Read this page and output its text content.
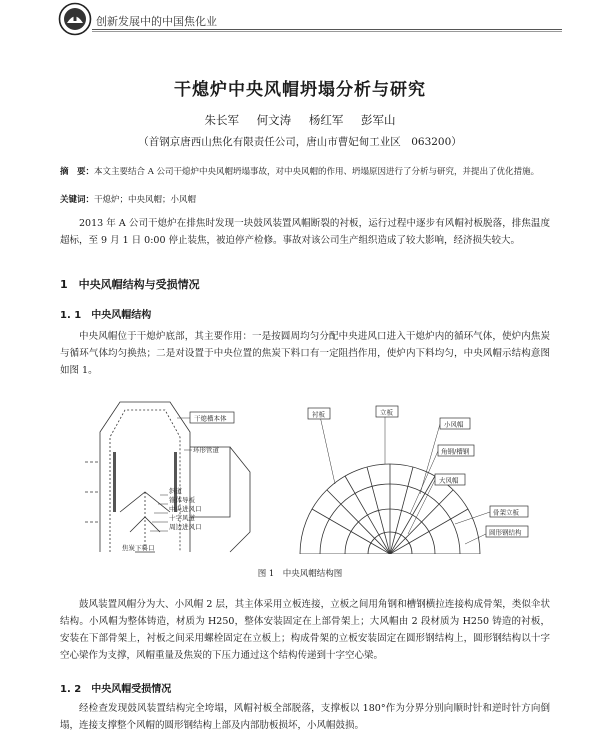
创新发展中的中国焦化业
干熄炉中央风帽坍塌分析与研究
朱长军 何文涛 杨红军 彭军山
（首钢京唐西山焦化有限责任公司，唐山市曹妃甸工业区　063200）
摘　要：本文主要结合 A 公司干熄炉中央风帽坍塌事故，对中央风帽的作用、坍塌原因进行了分析与研究，并提出了优化措施。
关键词：干熄炉；中央风帽；小风帽
2013 年 A 公司干熄炉在排焦时发现一块鼓风装置风帽断裂的衬板，运行过程中逐步有风帽衬板脱落，排焦温度超标，至 9 月 1 日 0:00 停止装焦，被迫停产检修。事故对该公司生产组织造成了较大影响，经济损失较大。
1　中央风帽结构与受损情况
1. 1　中央风帽结构
中央风帽位于干熄炉底部，其主要作用：一是按圆周均匀分配中央进风口进入干熄炉内的循环气体，使炉内焦炭与循环气体均匀换热；二是对设置于中央位置的焦炭下料口有一定阻挡作用，使炉内下料均匀，中央风帽示结构意图如图 1。
干熄槽本体
环形管道
斜道
锥体导板
中央进风口
十字风道
周边进风口
焦炭下料口
衬板	立板
小风帽
角钢/槽钢
大风帽
骨架立板
圆形钢结构
图 1　中央风帽结构图
鼓风装置风帽分为大、小风帽 2 层，其主体采用立板连接，立板之间用角钢和槽钢横拉连接构成骨架，类似伞状结构。小风帽为整体铸造，材质为 H250，整体安装固定在上部骨架上；大风帽由 2 段材质为 H250 铸造的衬板，安装在下部骨架上，衬板之间采用螺栓固定在立板上；构成骨架的立板安装固定在圆形钢结构上，圆形钢结构以十字空心梁作为支撑，风帽重量及焦炭的下压力通过这个结构传递到十字空心梁。
1. 2　中央风帽受损情况
经检查发现鼓风装置结构完全垮塌，风帽衬板全部脱落，支撑板以 180°作为分界分别向顺时针和逆时针方向倒塌，连接支撑整个风帽的圆形钢结构上部及内部肋板损坏，小风帽鼓损。
